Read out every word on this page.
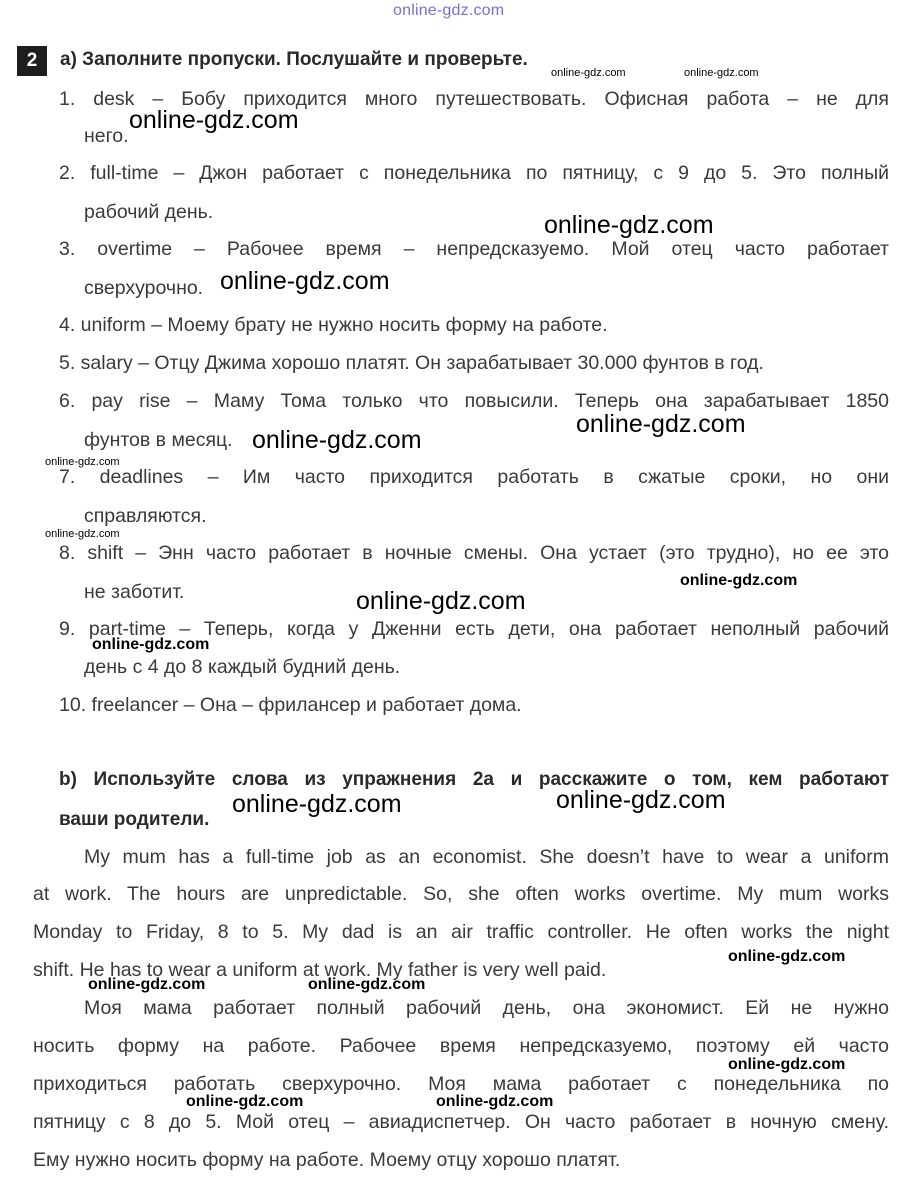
online-gdz.com
2	a) Заполните пропуски. Послушайте и проверьте.
1. desk – Бобу приходится много путешествовать. Офисная работа – не для
него.
2. full-time – Джон работает с понедельника по пятницу, с 9 до 5. Это полный
рабочий день.
3. overtime – Рабочее время – непредсказуемо. Мой отец часто работает
сверхурочно.
4. uniform – Моему брату не нужно носить форму на работе.
5. salary – Отцу Джима хорошо платят. Он зарабатывает 30.000 фунтов в год.
6. pay rise – Маму Тома только что повысили. Теперь она зарабатывает 1850
фунтов в месяц.
7. deadlines – Им часто приходится работать в сжатые сроки, но они
справляются.
8. shift – Энн часто работает в ночные смены. Она устает (это трудно), но ее это
не заботит.
9. part-time – Теперь, когда у Дженни есть дети, она работает неполный рабочий
день с 4 до 8 каждый будний день.
10. freelancer – Она – фрилансер и работает дома.
b) Используйте слова из упражнения 2а и расскажите о том, кем работают
ваши родители.
My mum has a full-time job as an economist. She doesn’t have to wear a uniform
at work. The hours are unpredictable. So, she often works overtime. My mum works
Monday to Friday, 8 to 5. My dad is an air traffic controller. He often works the night
shift. He has to wear a uniform at work. My father is very well paid.
Моя мама работает полный рабочий день, она экономист. Ей не нужно
носить форму на работе. Рабочее время непредсказуемо, поэтому ей часто
приходиться работать сверхурочно. Моя мама работает с понедельника по
пятницу с 8 до 5. Мой отец – авиадиспетчер. Он часто работает в ночную смену.
Ему нужно носить форму на работе. Моему отцу хорошо платят.
online-gdz.com	online-gdz.com
online-gdz.com
online-gdz.com
online-gdz.com
online-gdz.com
online-gdz.com
online-gdz.com
online-gdz.com
online-gdz.com
online-gdz.com
online-gdz.com
online-gdz.com
online-gdz.com
online-gdz.com
online-gdz.com	online-gdz.com
online-gdz.com
online-gdz.com	online-gdz.com
